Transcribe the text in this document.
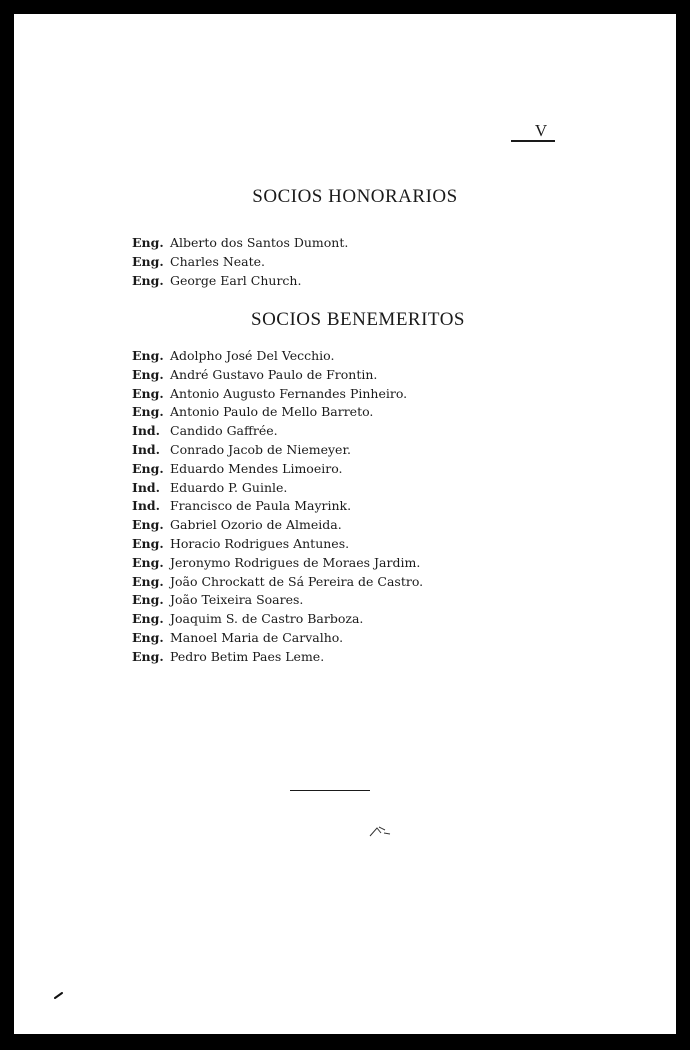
V
SOCIOS HONORARIOS
Eng. Alberto dos Santos Dumont.
Eng. Charles Neate.
Eng. George Earl Church.
SOCIOS BENEMERITOS
Eng. Adolpho José Del Vecchio.
Eng. André Gustavo Paulo de Frontin.
Eng. Antonio Augusto Fernandes Pinheiro.
Eng. Antonio Paulo de Mello Barreto.
Ind. Candido Gaffrée.
Ind. Conrado Jacob de Niemeyer.
Eng. Eduardo Mendes Limoeiro.
Ind. Eduardo P. Guinle.
Ind. Francisco de Paula Mayrink.
Eng. Gabriel Ozorio de Almeida.
Eng. Horacio Rodrigues Antunes.
Eng. Jeronymo Rodrigues de Moraes Jardim.
Eng. João Chrockatt de Sá Pereira de Castro.
Eng. João Teixeira Soares.
Eng. Joaquim S. de Castro Barboza.
Eng. Manoel Maria de Carvalho.
Eng. Pedro Betim Paes Leme.
